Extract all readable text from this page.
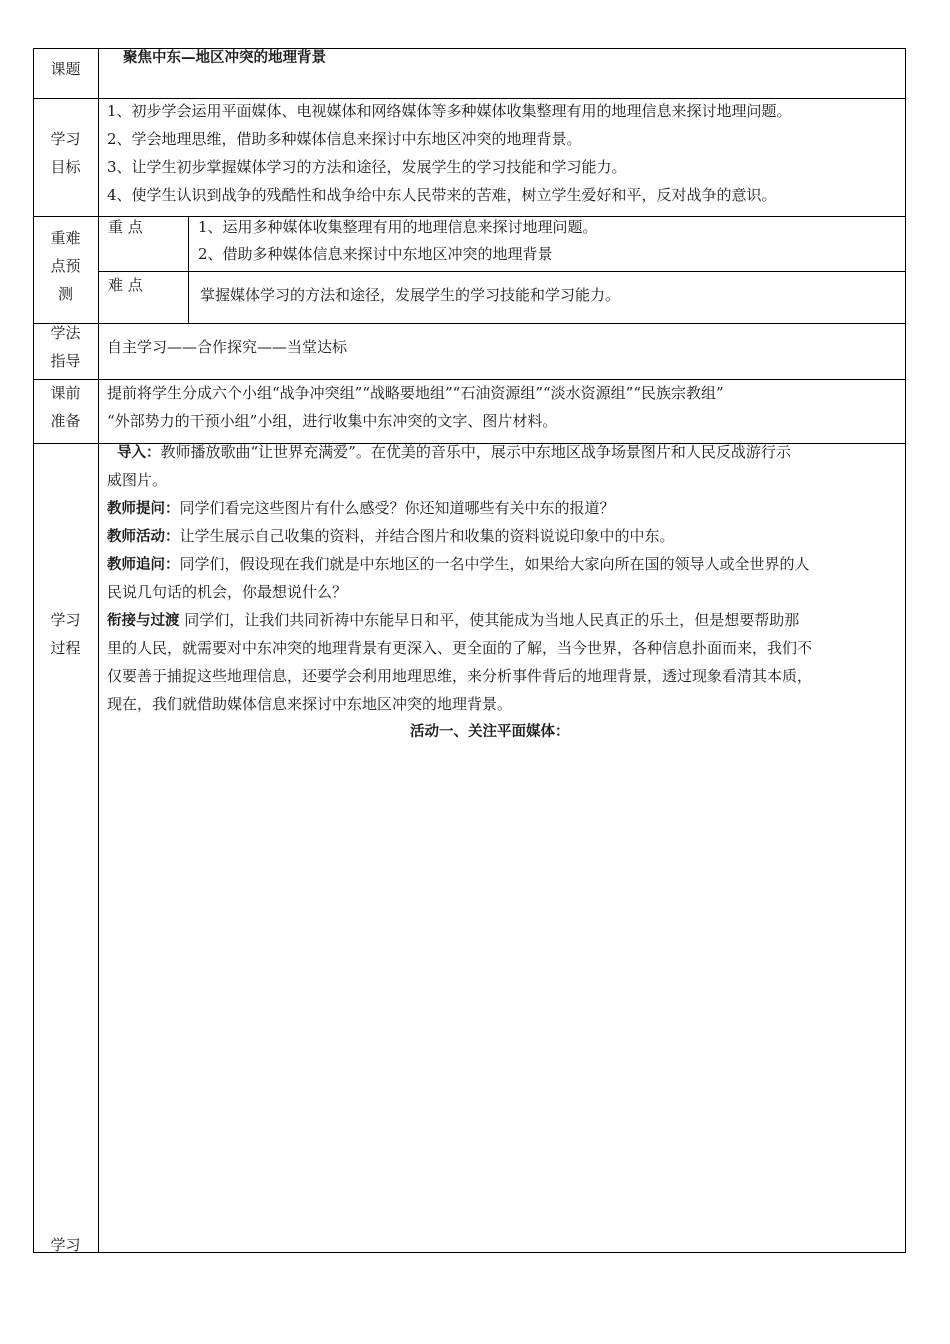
课题
聚焦中东—地区冲突的地理背景
学习
目标
1、初步学会运用平面媒体、电视媒体和网络媒体等多种媒体收集整理有用的地理信息来探讨地理问题。
2、学会地理思维，借助多种媒体信息来探讨中东地区冲突的地理背景。
3、让学生初步掌握媒体学习的方法和途径，发展学生的学习技能和学习能力。
4、使学生认识到战争的残酷性和战争给中东人民带来的苦难，树立学生爱好和平，反对战争的意识。
重难
点预
测
重 点	1、运用多种媒体收集整理有用的地理信息来探讨地理问题。
2、借助多种媒体信息来探讨中东地区冲突的地理背景
难 点
掌握媒体学习的方法和途径，发展学生的学习技能和学习能力。
学法
指导
自主学习——合作探究——当堂达标
课前
准备
提前将学生分成六个小组“战争冲突组”“战略要地组”“石油资源组”“淡水资源组”“民族宗教组”
“外部势力的干预小组”小组，进行收集中东冲突的文字、图片材料。
学习
过程
学习
导入：教师播放歌曲“让世界充满爱”。在优美的音乐中，展示中东地区战争场景图片和人民反战游行示
威图片。
教师提问：同学们看完这些图片有什么感受？你还知道哪些有关中东的报道？
教师活动：让学生展示自己收集的资料，并结合图片和收集的资料说说印象中的中东。
教师追问：同学们，假设现在我们就是中东地区的一名中学生，如果给大家向所在国的领导人或全世界的人
民说几句话的机会，你最想说什么？
衔接与过渡 同学们，让我们共同祈祷中东能早日和平，使其能成为当地人民真正的乐土，但是想要帮助那
里的人民，就需要对中东冲突的地理背景有更深入、更全面的了解，当今世界，各种信息扑面而来，我们不
仅要善于捕捉这些地理信息，还要学会利用地理思维，来分析事件背后的地理背景，透过现象看清其本质，
现在，我们就借助媒体信息来探讨中东地区冲突的地理背景。
活动一、关注平面媒体：
